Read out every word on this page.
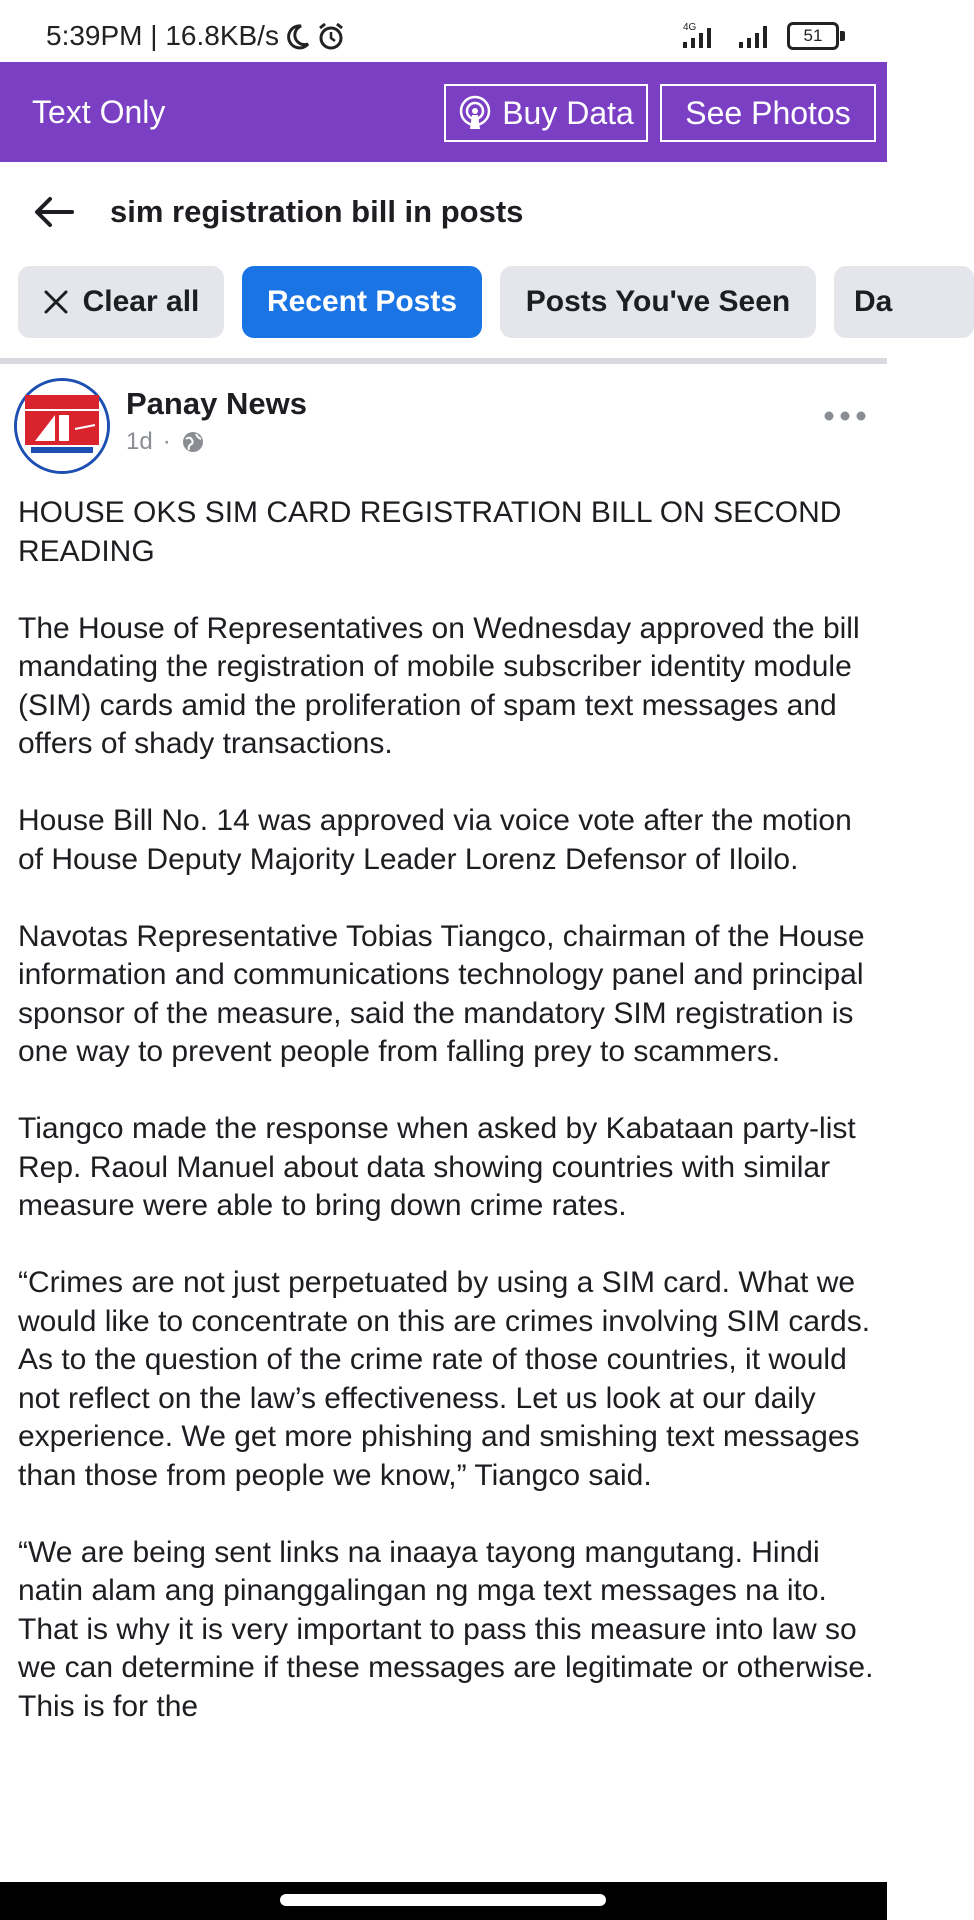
5:39PM | 16.8KB/s	4G	51
Text Only	Buy Data See Photos
sim registration bill in posts
Clear all Recent Posts Posts You've Seen Da
Panay News
1d ·

HOUSE OKS SIM CARD REGISTRATION BILL ON SECOND READING

The House of Representatives on Wednesday approved the bill mandating the registration of mobile subscriber identity module (SIM) cards amid the proliferation of spam text messages and offers of shady transactions.

House Bill No. 14 was approved via voice vote after the motion of House Deputy Majority Leader Lorenz Defensor of Iloilo.

Navotas Representative Tobias Tiangco, chairman of the House information and communications technology panel and principal sponsor of the measure, said the mandatory SIM registration is one way to prevent people from falling prey to scammers.

Tiangco made the response when asked by Kabataan party-list Rep. Raoul Manuel about data showing countries with similar measure were able to bring down crime rates.

“Crimes are not just perpetuated by using a SIM card. What we would like to concentrate on this are crimes involving SIM cards. As to the question of the crime rate of those countries, it would not reflect on the law’s effectiveness. Let us look at our daily experience. We get more phishing and smishing text messages than those from people we know,” Tiangco said.

“We are being sent links na inaaya tayong mangutang. Hindi natin alam ang pinanggalingan ng mga text messages na ito. That is why it is very important to pass this measure into law so we can determine if these messages are legitimate or otherwise. This is for the
